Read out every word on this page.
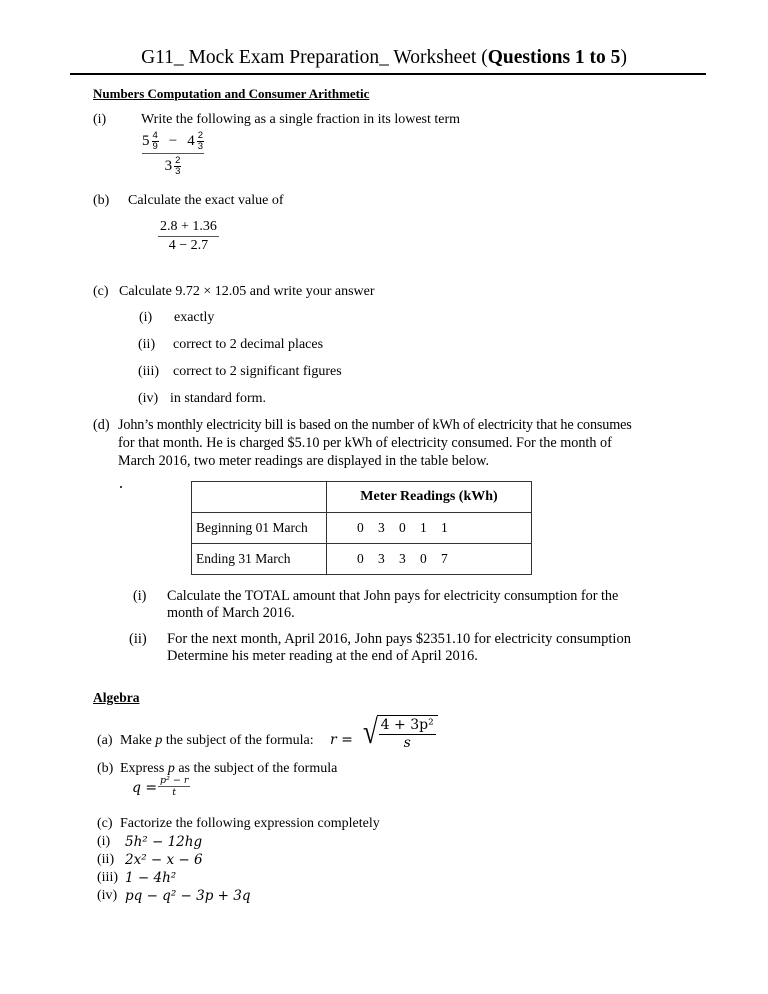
G11_ Mock Exam Preparation_ Worksheet (Questions 1 to 5)
Numbers Computation and Consumer Arithmetic
(i) Write the following as a single fraction in its lowest term
$\frac{5 \frac{4}{9} - 4 \frac{2}{3}}{3 \frac{2}{3}}$
(b) Calculate the exact value of
$\frac{2.8 + 1.36}{4 - 2.7}$
(c) Calculate 9.72 × 12.05 and write your answer
(i) exactly
(ii) correct to 2 decimal places
(iii) correct to 2 significant figures
(iv) in standard form.
(d) John’s monthly electricity bill is based on the number of kWh of electricity that he consumes
for that month. He is charged $5.10 per kWh of electricity consumed. For the month of
March 2016, two meter readings are displayed in the table below.
	Meter Readings (kWh)
Beginning 01 March	0 3 0 1 1
Ending 31 March	0 3 3 0 7
(i) Calculate the TOTAL amount that John pays for electricity consumption for the
month of March 2016.
(ii) For the next month, April 2016, John pays $2351.10 for electricity consumption
Determine his meter reading at the end of April 2016.
Algebra
(a) Make p the subject of the formula: r = √
$\frac{\text{4 + 3p²}}{s}$
(b) Express p as the subject of the formula
$q = \frac{\text{p² − r}}{t}$
(c) Factorize the following expression completely
(i) 5h² − 12hg
(ii) 2x² − x − 6
(iii) 1 − 4h²
(iv) pq − q² − 3p + 3q
